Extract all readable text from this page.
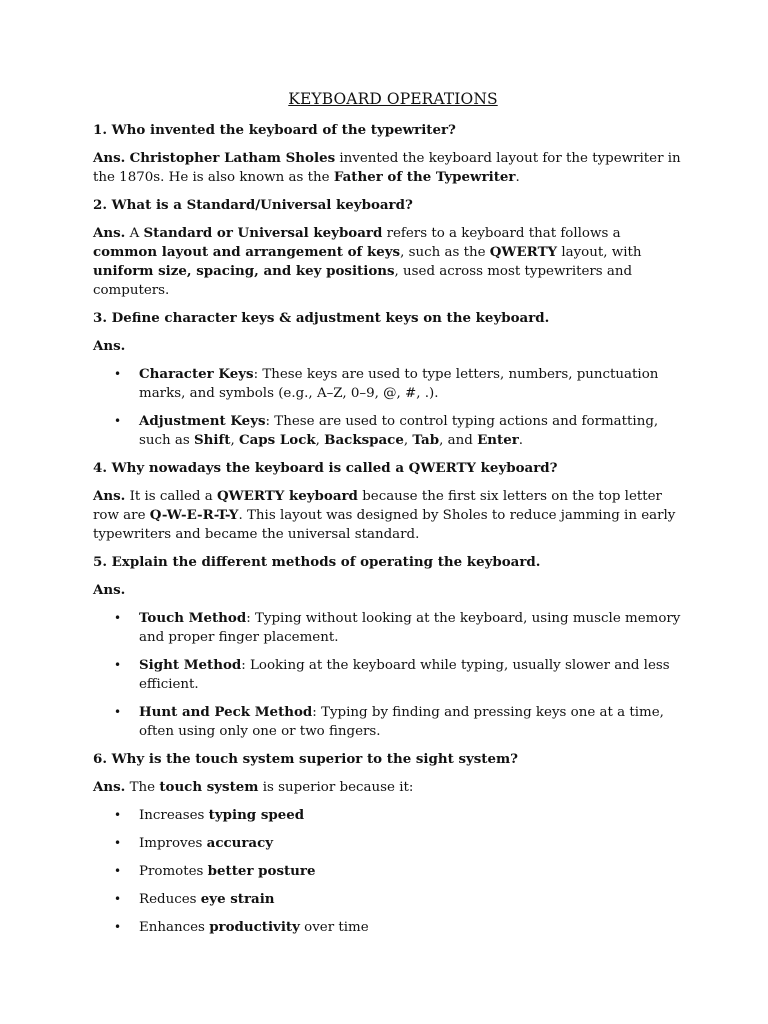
KEYBOARD OPERATIONS

1. Who invented the keyboard of the typewriter?

Ans. Christopher Latham Sholes invented the keyboard layout for the typewriter in the 1870s. He is also known as the Father of the Typewriter.

2. What is a Standard/Universal keyboard?

Ans. A Standard or Universal keyboard refers to a keyboard that follows a common layout and arrangement of keys, such as the QWERTY layout, with uniform size, spacing, and key positions, used across most typewriters and computers.

3. Define character keys & adjustment keys on the keyboard.

Ans.

• Character Keys: These keys are used to type letters, numbers, punctuation marks, and symbols (e.g., A–Z, 0–9, @, #, .).
• Adjustment Keys: These are used to control typing actions and formatting, such as Shift, Caps Lock, Backspace, Tab, and Enter.

4. Why nowadays the keyboard is called a QWERTY keyboard?

Ans. It is called a QWERTY keyboard because the first six letters on the top letter row are Q-W-E-R-T-Y. This layout was designed by Sholes to reduce jamming in early typewriters and became the universal standard.

5. Explain the different methods of operating the keyboard.

Ans.

• Touch Method: Typing without looking at the keyboard, using muscle memory and proper finger placement.
• Sight Method: Looking at the keyboard while typing, usually slower and less efficient.
• Hunt and Peck Method: Typing by finding and pressing keys one at a time, often using only one or two fingers.

6. Why is the touch system superior to the sight system?

Ans. The touch system is superior because it:

• Increases typing speed
• Improves accuracy
• Promotes better posture
• Reduces eye strain
• Enhances productivity over time
